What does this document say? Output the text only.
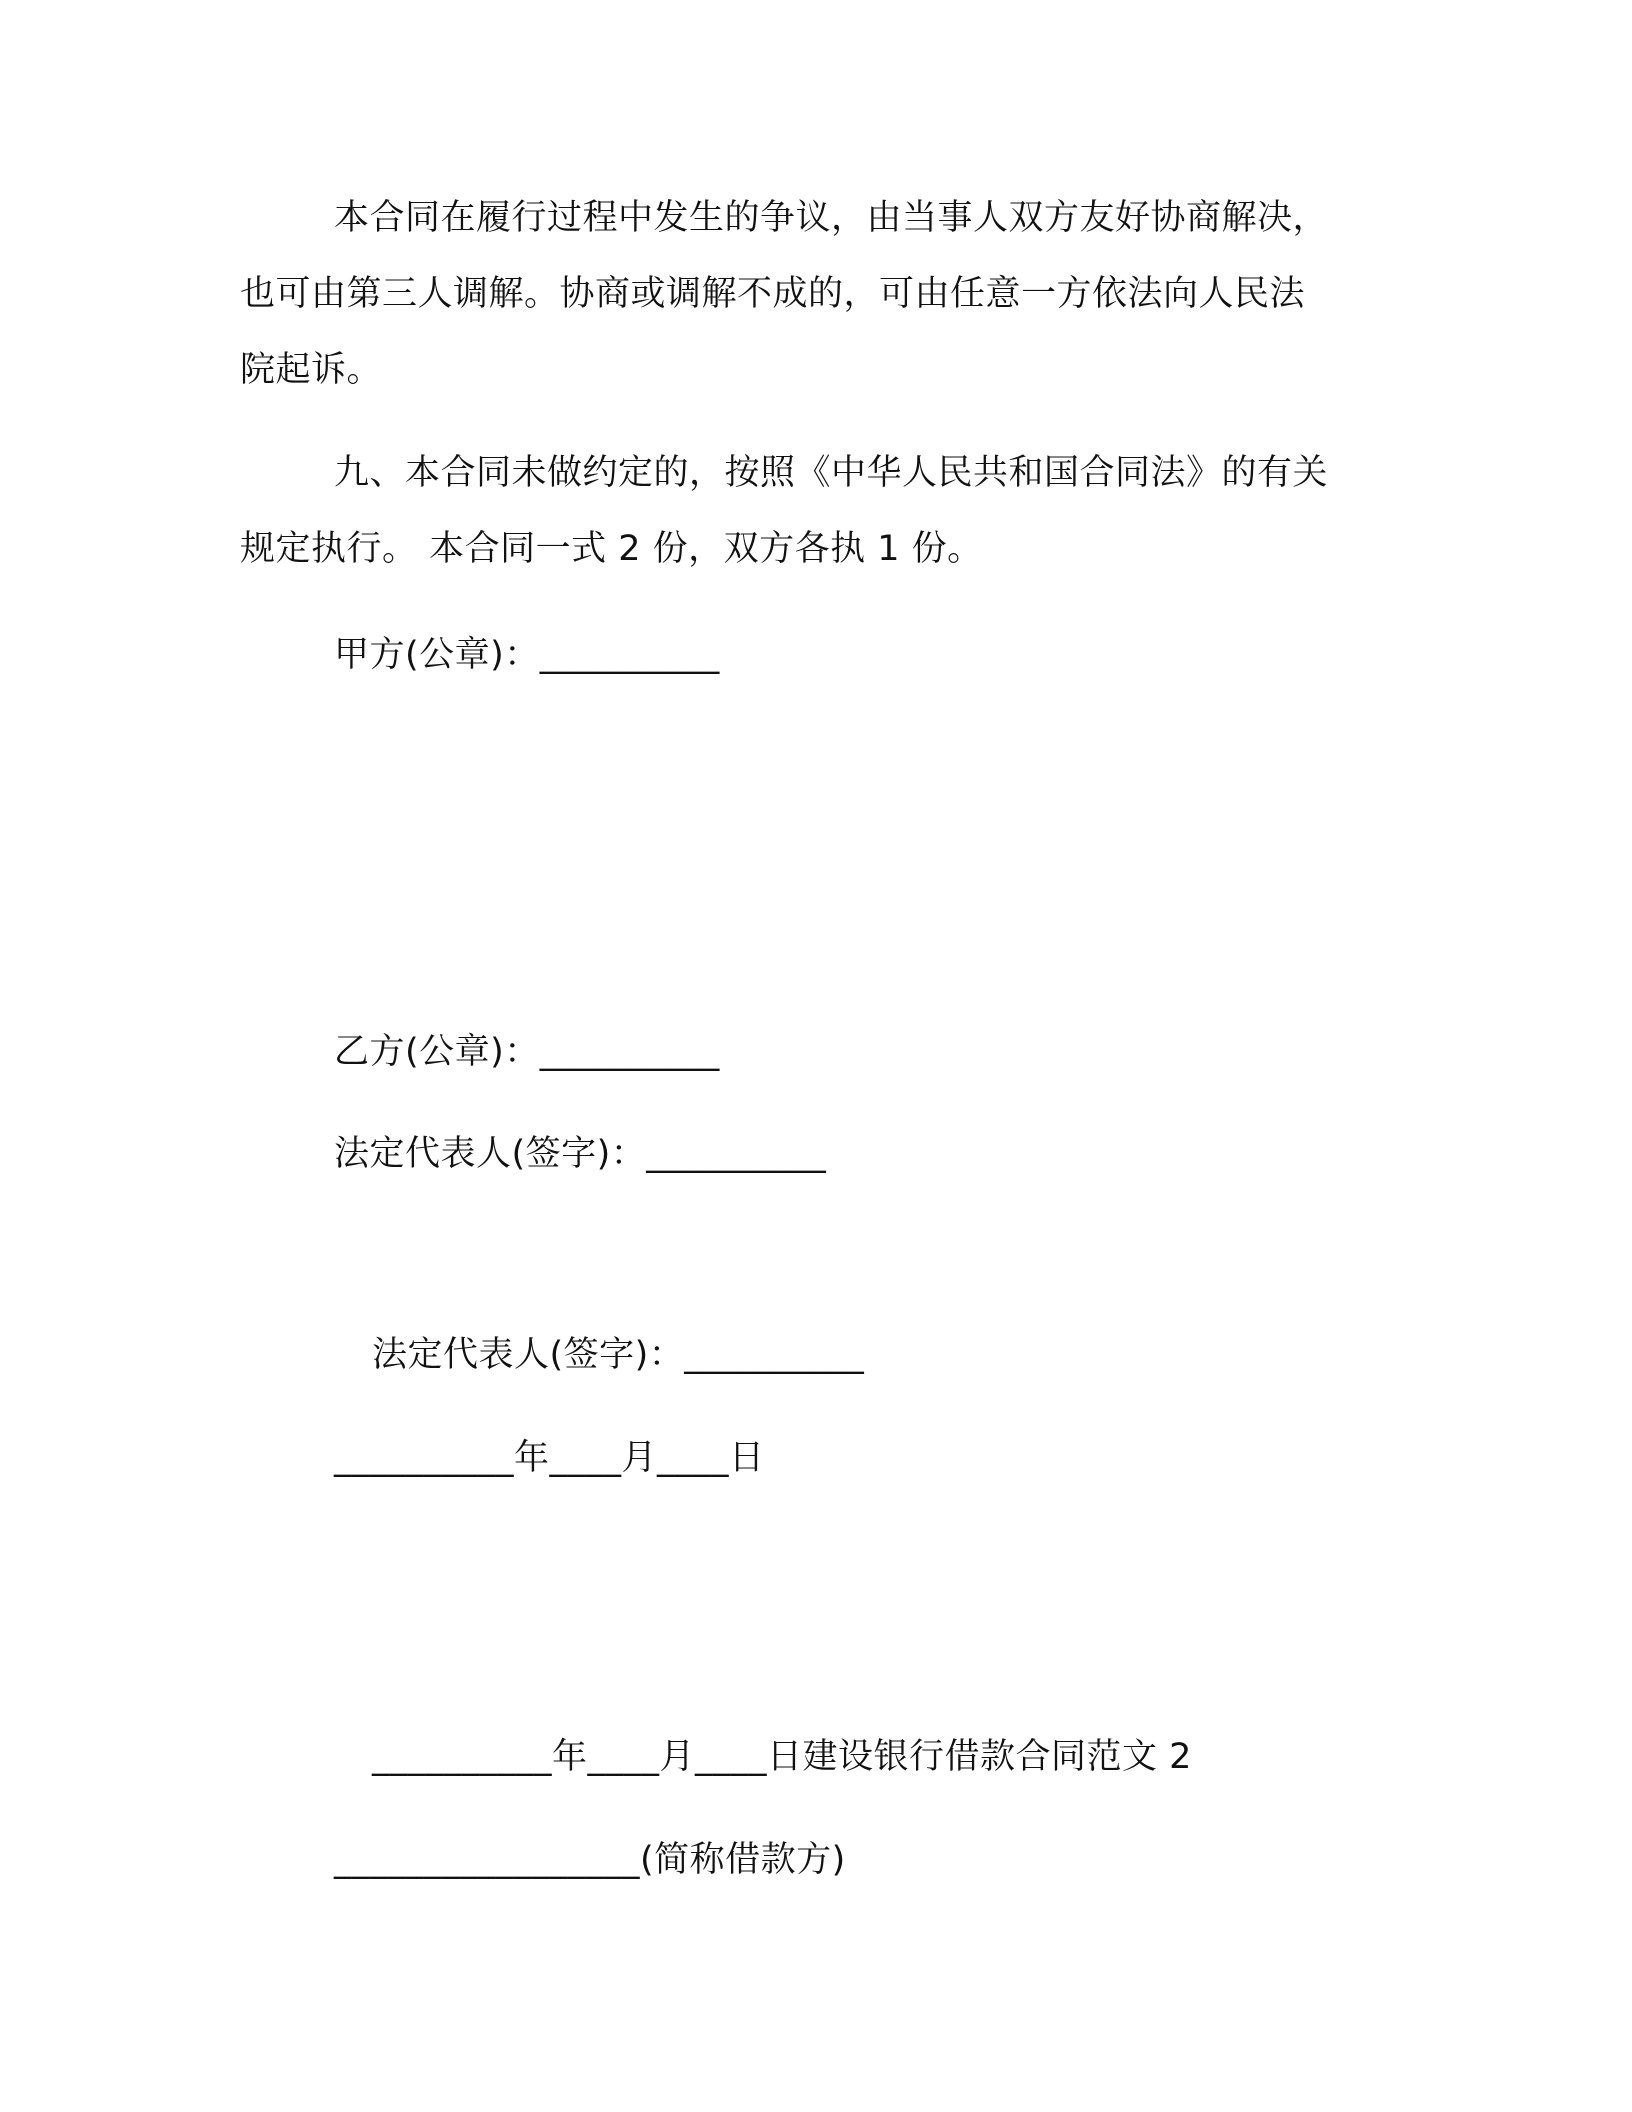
本合同在履行过程中发生的争议，由当事人双方友好协商解决，
也可由第三人调解。协商或调解不成的，可由任意一方依法向人民法
院起诉。
九、本合同未做约定的，按照《中华人民共和国合同法》的有关
规定执行。 本合同一式 2 份，双方各执 1 份。
甲方(公章)：__________
乙方(公章)：__________
法定代表人(签字)：__________
法定代表人(签字)：__________
__________年____月____日
__________年____月____日建设银行借款合同范文 2
_________________(简称借款方)
